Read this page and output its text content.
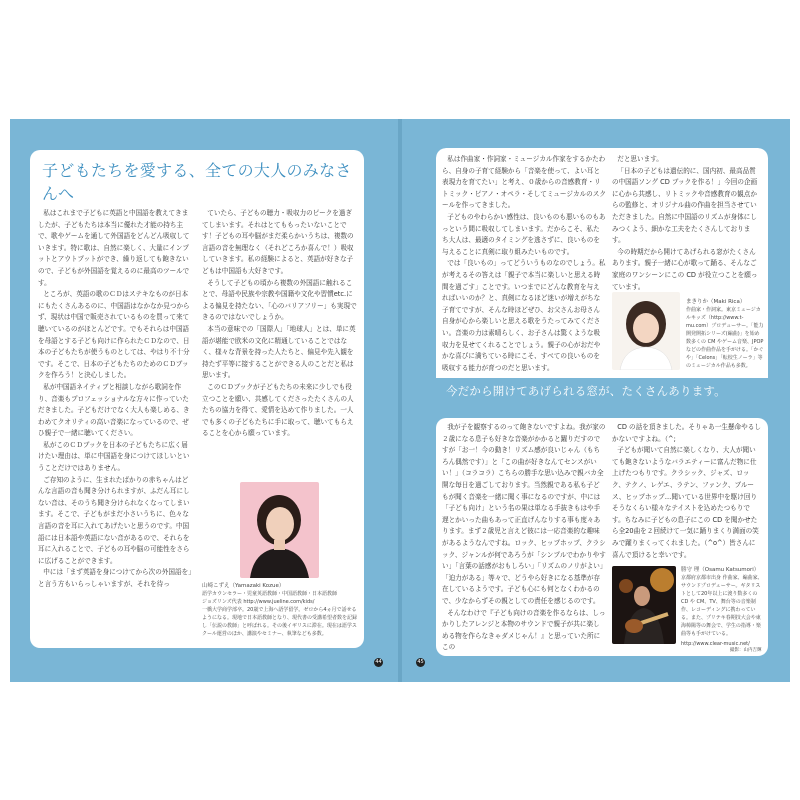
子どもたちを愛する、全ての大人のみなさんへ

私はこれまで子どもに英語と中国語を教えてきましたが、子どもたちは本当に優れた才能の持ち主で、歌やゲームを通して外国語をどんどん吸収していきます。特に歌は、自然に楽しく、大量にインプットとアウトプットができ、繰り返しても飽きないので、子どもが外国語を覚えるのに最高のツールです。

ところが、英語の歌のＣＤはステキなものが日本にもたくさんあるのに、中国語はなかなか見つからず、現状は中国で販売されているものを買って来て聴いているのがほとんどです。でもそれらは中国語を母語とする子ども向けに作られたＣＤなので、日本の子どもたちが使うものとしては、やはり不十分です。そこで、日本の子どもたちのためのＣＤブックを作ろう！と決心しました。

私が中国語ネイティブと相談しながら歌詞を作り、音楽もプロフェッショナルな方々に作っていただきました。子どもだけでなく大人も楽しめる、きわめてクオリティの高い音楽になっているので、ぜひ親子で一緒に聴いてください。

私がこのＣＤブックを日本の子どもたちに広く届けたい理由は、単に中国語を身につけてほしいということだけではありません。

ご存知のように、生まれたばかりの赤ちゃんはどんな言語の音も聞き分けられますが、ふだん耳にしない音は、そのうち聞き分けられなくなってしまいます。そこで、子どもがまだ小さいうちに、色々な言語の音を耳に入れてあげたいと思うのです。中国語には日本語や英語にない音があるので、それらを耳に入れることで、子どもの耳や脳の可能性をさらに広げることができます。

中には「まず英語を身につけてから次の外国語を」と言う方もいらっしゃいますが、それを待っ

ていたら、子どもの聴力・吸収力のピークを過ぎてしまいます。それはとてももったいないことです！子どもの耳や脳がまだ柔らかいうちは、複数の言語の音を無理なく（それどころか喜んで！）吸収していきます。私の経験によると、英語が好きな子どもは中国語も大好きです。

そうして子どもの頃から複数の外国語に触れることで、母語や民族や宗教や国籍や文化や習慣etc.による偏見を持たない、「心のバリアフリー」も実現できるのではないでしょうか。

本当の意味での「国際人」「地球人」とは、単に英語が堪能で欧米の文化に精通していることではなく、様々な背景を持った人たちと、偏見や先入観を持たず平等に接することができる人のことだと私は思います。

このＣＤブックが子どもたちの未来に少しでも役立つことを願い、共感してくださったたくさんの人たちの協力を得て、愛情を込めて作りました。一人でも多くの子どもたちに手に取って、聴いてもらえることを心から願っています。

山崎こずえ（Yamazaki Kozue）
語学カウンセラー・児童英語教師・中国語教師・日本語教師
ジョズリンズ代表 http://www.jueline.com/kids/
一橋大学商学部卒。20歳で上海へ語学留学。ゼロから4ヵ月で話せるようになる。現地で日本語教師となり、現代書の受講希望者数を記録し「伝説の教師」と呼ばれる。その後イギリスに滞在。現在は語学スクール運営のほか、講演やセミナー、執筆なども多数。
44

私は作曲家・作詞家・ミュージカル作家をするかたわら、自身の子育て経験から「音楽を使って、よい耳と表現力を育てたい」と考え、０歳からの音感教育・リトミック・ピアノ・オペラ・そしてミュージカルのスクールを作ってきました。

子どものやわらかい感性は、良いものも悪いものもあっという間に吸収してしまいます。だからこそ、私たち大人は、最適のタイミングを逃さずに、良いものを与えることに真剣に取り組みたいものです。

では「良いもの」ってどういうものなのでしょう。私が考えるその答えは「親子で本当に楽しいと思える時間を過ごす」ことです。いつまでにどんな教育を与えればいいのか？と、真剣になるほど迷いが増えがちな子育てですが、そんな時ほどぜひ、お父さんお母さん自身が心から楽しいと思える歌をうたってみてください。音楽の力は素晴らしく、お子さんは驚くような吸収力を見せてくれることでしょう。親子の心がおだやかな喜びに満ちている時にこそ、すべての良いものを吸収する能力が育つのだと思います。

だと思います。

「日本の子どもは遺伝的に、国内初、最高品質の中国語ソング CD ブックを作る！」今回の企画に心から共感し、リトミックや音感教育の観点からの監修と、オリジナル曲の作曲を担当させていただきました。自然に中国語のリズムが身体にしみつくよう、細かな工夫をたくさんしております。

今の時期だから開けてあげられる窓がたくさんあります。親子一緒に心が歌って踊る、そんなご家庭のワンシーンにこの CD が役立つことを願っています。

まきりか（Maki Rica）
作曲家・作詞家。東京ミュージカルキッズ（http://www.t-mu.com）プロデューサー。「能力開発開拓シリーズ(編曲)」を始め数多くの CM やゲーム音楽、JPOP などの作曲作品を手がける。「かぐや」「Celons」「転校生ノーラ」等のミュージカル作品も多数。
今だから開けてあげられる窓が、たくさんあります。

我が子を観察するのって飽きないですよね。我が家の２歳になる息子も好きな音楽がかかると躍りだすのですが「お一！今の動き！リズム感が良いじゃん（もちろん偶然です）」と「この曲が好きなんてセンスがいい！」（コラコラ）こちらの勝手な思い込みで親バカ全開な毎日を過ごしております。当然親である私も子どもが聞く音楽を一緒に聞く事になるのですが、中には「子ども向け」という名の果は単なる手抜きもはや手遅とかいった曲もあって正直げんなりする事も度々あります。まず２歳児と言えど彼には一応音楽的な趣味があるようなんですね。ロック、ヒップホップ、クラシック、ジャンルが何であろうが「シンプルでわかりやすい」「言葉の話感がおもしろい」「リズムのノリがよい」「迫力がある」等々で、どうやら好きになる基準が存在しているようです。子ども心にも何となくわかるので、少なからずその親としての責任を感じるのです。

そんなわけで『子ども向けの音楽を作るならは、しっかりしたアレンジと本物のサウンドで親子が共に楽しめる物を作らなきゃダメじゃん！』と思っていた所にこの

CD の話を頂きました。そりゃあ一生懸命やるしかないですよね。（^;

子どもが聞いて自然に楽しくなり、大人が聞いても飽きないようなバラエティーに富んだ物に仕上げたつもりです。クラシック、ジャズ、ロック、テクノ、レゲエ、ラテン、ファンク、ブルース、ヒップホップ…聞いている世界中を駆け回りそうなくらい様々なテイストを込めたつもりです。ちなみに子どもの息子にこの CD を聞かせたら全20曲を２回続けて一気に踊りまくり満面の笑みで躍りまくってくれました。（^o^）皆さんに喜んで頂けると幸いです。

勝守 理（Osamu Katsumori）
京都府京都市出身 作曲家、編曲家、サウンドプロデューサー。ギタリストとして20年以上に渡り数多くの CD や CM、TV、舞台等の音楽制作、レコーディングに携わっている。また、プリテキ春期技大会や東海樟陽等の舞会で、学生の指導・楽曲等も手がけている。
http://www.clear-music.net/
撮影：山内吉輝
45
